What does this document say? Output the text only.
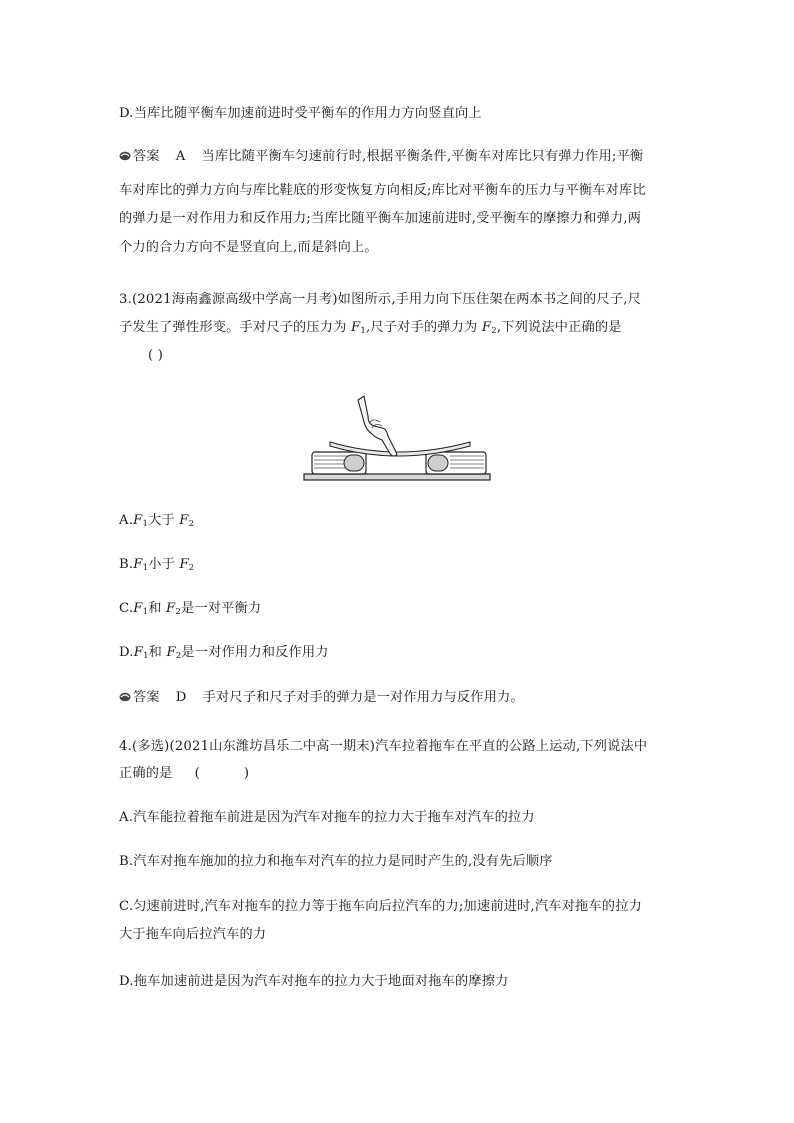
D.当库比随平衡车加速前进时受平衡车的作用力方向竖直向上
答案 A 当库比随平衡车匀速前行时,根据平衡条件,平衡车对库比只有弹力作用;平衡
车对库比的弹力方向与库比鞋底的形变恢复方向相反;库比对平衡车的压力与平衡车对库比
的弹力是一对作用力和反作用力;当库比随平衡车加速前进时,受平衡车的摩擦力和弹力,两
个力的合力方向不是竖直向上,而是斜向上。
3.(2021海南鑫源高级中学高一月考)如图所示,手用力向下压住架在两本书之间的尺子,尺
子发生了弹性形变。手对尺子的压力为 $F_1$,尺子对手的弹力为 $F_2$,下列说法中正确的是
( )
$A.F_1$大于 $F_2$
$B.F_1$小于 $F_2$
$C.F_1$和 $F_2$是一对平衡力
$D.F_1$和 $F_2$是一对作用力和反作用力
答案 D 手对尺子和尺子对手的弹力是一对作用力与反作用力。
4.(多选)(2021山东潍坊昌乐二中高一期末)汽车拉着拖车在平直的公路上运动,下列说法中
正确的是 ( )
A.汽车能拉着拖车前进是因为汽车对拖车的拉力大于拖车对汽车的拉力
B.汽车对拖车施加的拉力和拖车对汽车的拉力是同时产生的,没有先后顺序
C.匀速前进时,汽车对拖车的拉力等于拖车向后拉汽车的力;加速前进时,汽车对拖车的拉力
大于拖车向后拉汽车的力
D.拖车加速前进是因为汽车对拖车的拉力大于地面对拖车的摩擦力
